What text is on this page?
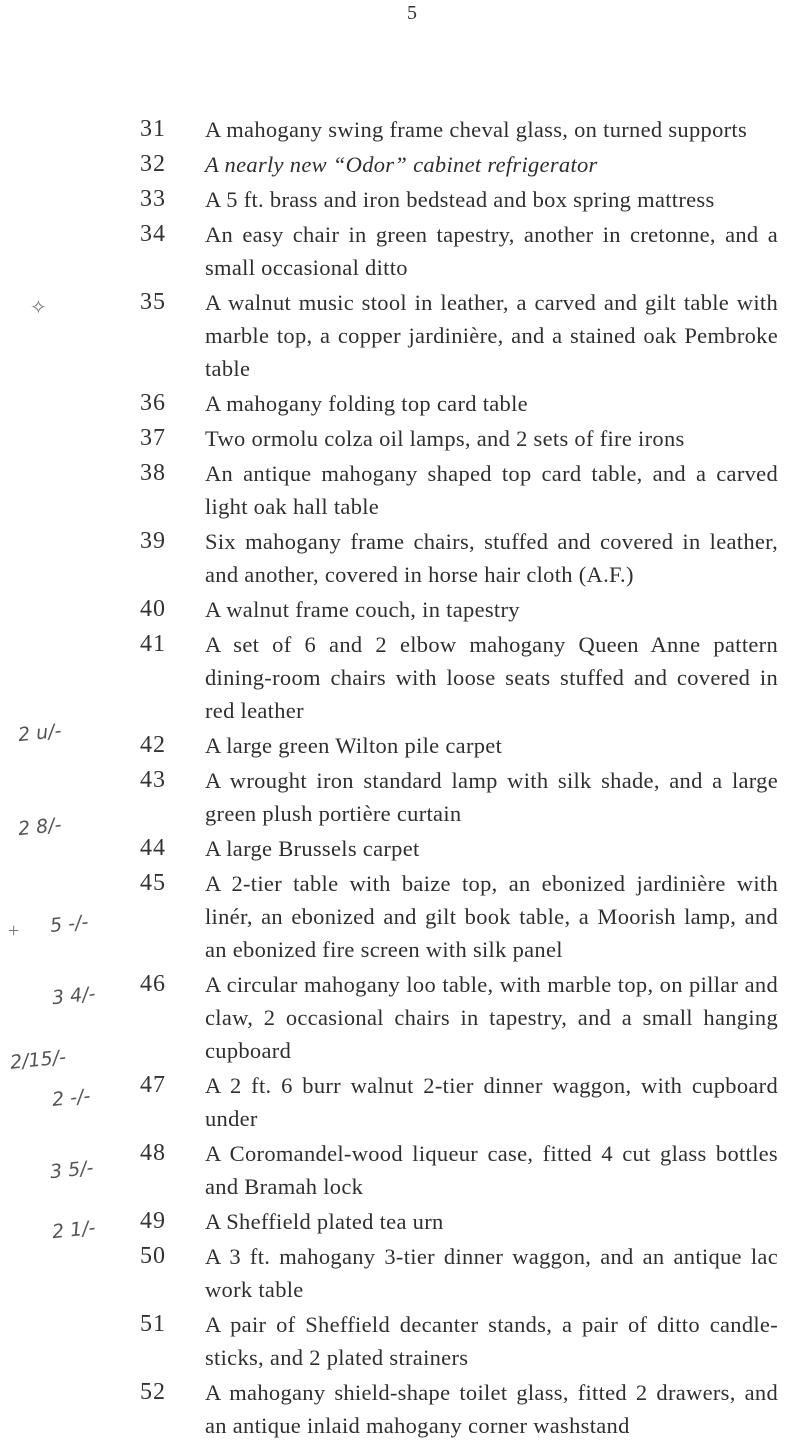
5
31	A mahogany swing frame cheval glass, on turned supports
32	A nearly new “Odor” cabinet refrigerator
33	A 5 ft. brass and iron bedstead and box spring mattress
34	An easy chair in green tapestry, another in cretonne, and a small occasional ditto
35	A walnut music stool in leather, a carved and gilt table with marble top, a copper jardinière, and a stained oak Pembroke table
36	A mahogany folding top card table
37	Two ormolu colza oil lamps, and 2 sets of fire irons
38	An antique mahogany shaped top card table, and a carved light oak hall table
39	Six mahogany frame chairs, stuffed and covered in leather, and another, covered in horse hair cloth (A.F.)
40	A walnut frame couch, in tapestry
41	A set of 6 and 2 elbow mahogany Queen Anne pattern dining-room chairs with loose seats stuffed and covered in red leather
42	A large green Wilton pile carpet
43	A wrought iron standard lamp with silk shade, and a large green plush portière curtain
44	A large Brussels carpet
45	A 2-tier table with baize top, an ebonized jardinière with linér, an ebonized and gilt book table, a Moorish lamp, and an ebonized fire screen with silk panel
46	A circular mahogany loo table, with marble top, on pillar and claw, 2 occasional chairs in tapestry, and a small hanging cupboard
47	A 2 ft. 6 burr walnut 2-tier dinner waggon, with cupboard under
48	A Coromandel-wood liqueur case, fitted 4 cut glass bottles and Bramah lock
49	A Sheffield plated tea urn
50	A 3 ft. mahogany 3-tier dinner waggon, and an antique lac work table
51	A pair of Sheffield decanter stands, a pair of ditto candle-sticks, and 2 plated strainers
52	A mahogany shield-shape toilet glass, fitted 2 drawers, and an antique inlaid mahogany corner washstand
2 u/-
2 8/-
5 -/-
3 4/-
2/15/-
2 -/-
3 5/-
2 1/-
✧
+
